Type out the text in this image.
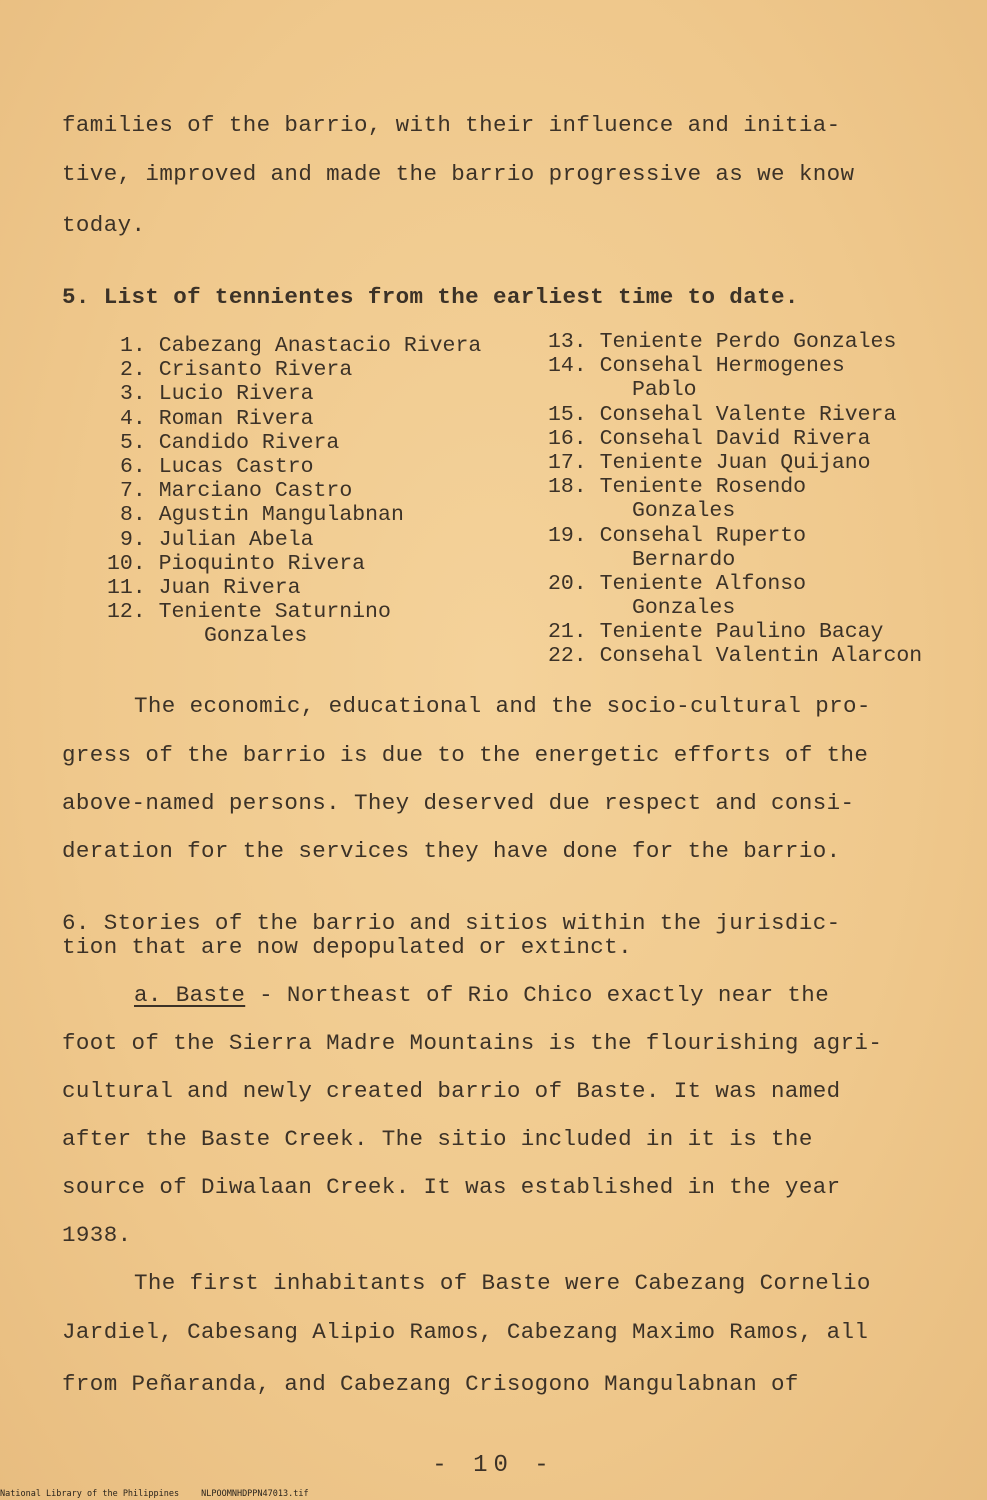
families of the barrio, with their influence and initia-
tive, improved and made the barrio progressive as we know
today.
5. List of tennientes from the earliest time to date.
1. Cabezang Anastacio Rivera
2. Crisanto Rivera
3. Lucio Rivera
4. Roman Rivera
5. Candido Rivera
6. Lucas Castro
7. Marciano Castro
8. Agustin Mangulabnan
9. Julian Abela
10. Pioquinto Rivera
11. Juan Rivera
12. Teniente Saturnino
Gonzales
13. Teniente Perdo Gonzales
14. Consehal Hermogenes
Pablo
15. Consehal Valente Rivera
16. Consehal David Rivera
17. Teniente Juan Quijano
18. Teniente Rosendo
Gonzales
19. Consehal Ruperto
Bernardo
20. Teniente Alfonso
Gonzales
21. Teniente Paulino Bacay
22. Consehal Valentin Alarcon
The economic, educational and the socio-cultural pro-
gress of the barrio is due to the energetic efforts of the
above-named persons. They deserved due respect and consi-
deration for the services they have done for the barrio.
6. Stories of the barrio and sitios within the jurisdic-
tion that are now depopulated or extinct.
a. Baste - Northeast of Rio Chico exactly near the
foot of the Sierra Madre Mountains is the flourishing agri-
cultural and newly created barrio of Baste. It was named
after the Baste Creek. The sitio included in it is the
source of Diwalaan Creek. It was established in the year
1938.
The first inhabitants of Baste were Cabezang Cornelio
Jardiel, Cabesang Alipio Ramos, Cabezang Maximo Ramos, all
from Peñaranda, and Cabezang Crisogono Mangulabnan of
- 10 -
National Library of the Philippines	NLPOOMNHDPPN47013.tif
